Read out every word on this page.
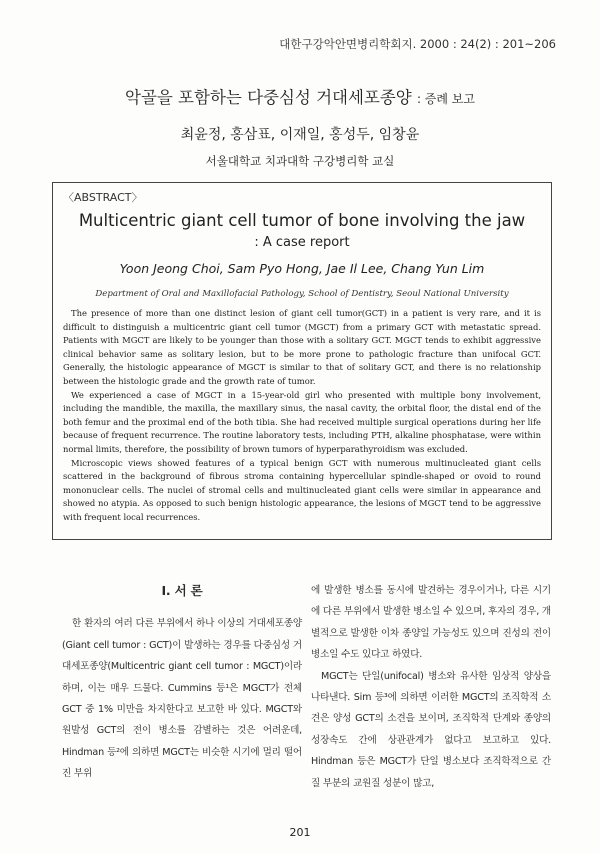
대한구강악안면병리학회지. 2000 : 24(2) : 201~206
악골을 포함하는 다중심성 거대세포종양 : 증례 보고
최윤정, 홍삼표, 이재일, 홍성두, 임창윤
서울대학교 치과대학 구강병리학 교실
〈ABSTRACT〉
Multicentric giant cell tumor of bone involving the jaw
: A case report
Yoon Jeong Choi, Sam Pyo Hong, Jae Il Lee, Chang Yun Lim
Department of Oral and Maxillofacial Pathology, School of Dentistry, Seoul National University

The presence of more than one distinct lesion of giant cell tumor(GCT) in a patient is very rare, and it is difficult to distinguish a multicentric giant cell tumor (MGCT) from a primary GCT with metastatic spread. Patients with MGCT are likely to be younger than those with a solitary GCT. MGCT tends to exhibit aggressive clinical behavior same as solitary lesion, but to be more prone to pathologic fracture than unifocal GCT. Generally, the histologic appearance of MGCT is similar to that of solitary GCT, and there is no relationship between the histologic grade and the growth rate of tumor.

We experienced a case of MGCT in a 15-year-old girl who presented with multiple bony involvement, including the mandible, the maxilla, the maxillary sinus, the nasal cavity, the orbital floor, the distal end of the both femur and the proximal end of the both tibia. She had received multiple surgical operations during her life because of frequent recurrence. The routine laboratory tests, including PTH, alkaline phosphatase, were within normal limits, therefore, the possibility of brown tumors of hyperparathyroidism was excluded.

Microscopic views showed features of a typical benign GCT with numerous multinucleated giant cells scattered in the background of fibrous stroma containing hypercellular spindle-shaped or ovoid to round mononuclear cells. The nuclei of stromal cells and multinucleated giant cells were similar in appearance and showed no atypia. As opposed to such benign histologic appearance, the lesions of MGCT tend to be aggressive with frequent local recurrences.

I. 서 론

한 환자의 여러 다른 부위에서 하나 이상의 거대세포종양(Giant cell tumor : GCT)이 발생하는 경우를 다중심성 거대세포종양(Multicentric giant cell tumor : MGCT)이라 하며, 이는 매우 드물다. Cummins 등¹은 MGCT가 전체 GCT 중 1% 미만을 차지한다고 보고한 바 있다. MGCT와 원발성 GCT의 전이 병소를 감별하는 것은 어려운데, Hindman 등²에 의하면 MGCT는 비슷한 시기에 멀리 떨어진 부위

에 발생한 병소를 동시에 발견하는 경우이거나, 다른 시기에 다른 부위에서 발생한 병소일 수 있으며, 후자의 경우, 개별적으로 발생한 이차 종양일 가능성도 있으며 진성의 전이 병소일 수도 있다고 하였다.

MGCT는 단일(unifocal) 병소와 유사한 임상적 양상을 나타낸다. Sim 등³에 의하면 이러한 MGCT의 조직학적 소견은 양성 GCT의 소견을 보이며, 조직학적 단계와 종양의 성장속도 간에 상관관계가 없다고 보고하고 있다. Hindman 등은 MGCT가 단일 병소보다 조직학적으로 간질 부분의 교원질 성분이 많고,

201
